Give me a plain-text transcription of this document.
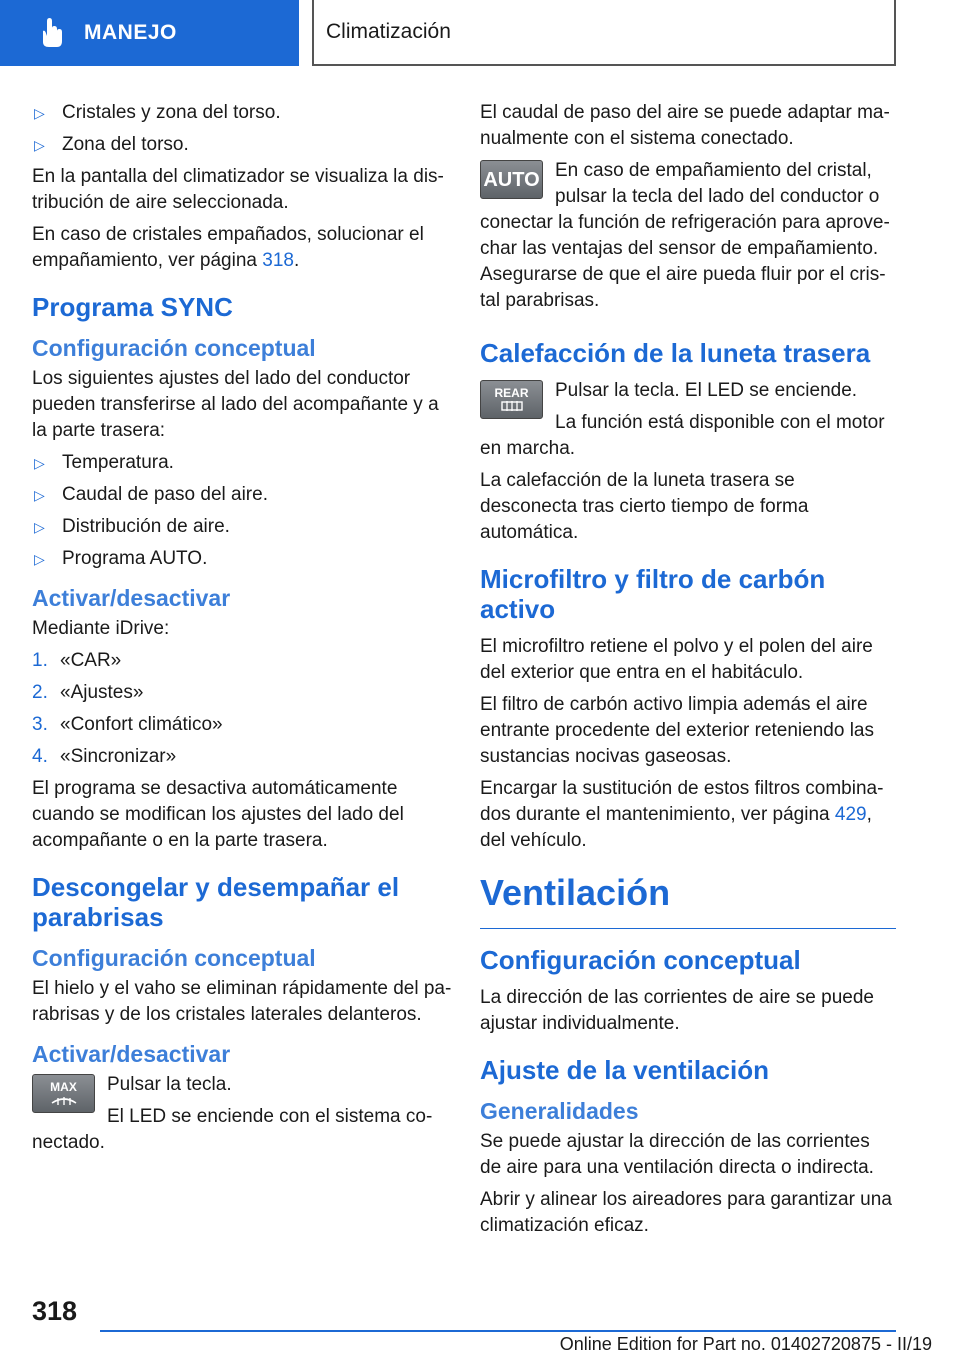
MANEJO	Climatización
▷ Cristales y zona del torso.
▷ Zona del torso.

En la pantalla del climatizador se visualiza la dis-tribución de aire seleccionada.

En caso de cristales empañados, solucionar el empañamiento, ver página 318.

Programa SYNC
Configuración conceptual

Los siguientes ajustes del lado del conductor pueden transferirse al lado del acompañante y a la parte trasera:

▷ Temperatura.
▷ Caudal de paso del aire.
▷ Distribución de aire.
▷ Programa AUTO.
Activar/desactivar

Mediante iDrive:

1. «CAR»
2. «Ajustes»
3. «Confort climático»
4. «Sincronizar»

El programa se desactiva automáticamente cuando se modifican los ajustes del lado del acompañante o en la parte trasera.

Descongelar y desempañar el parabrisas
Configuración conceptual

El hielo y el vaho se eliminan rápidamente del pa-rabrisas y de los cristales laterales delanteros.

Activar/desactivar
MAX	Pulsar la tecla.

El LED se enciende con el sistema co-nectado.

El caudal de paso del aire se puede adaptar ma-nualmente con el sistema conectado.

AUTO En caso de empañamiento del cristal, pulsar la tecla del lado del conductor o conectar la función de refrigeración para aprove-char las ventajas del sensor de empañamiento. Asegurarse de que el aire pueda fluir por el cris-tal parabrisas.

Calefacción de la luneta trasera
REAR	Pulsar la tecla. El LED se enciende.

La función está disponible con el motor en marcha.

La calefacción de la luneta trasera se desconecta tras cierto tiempo de forma automática.

Microfiltro y filtro de carbón activo

El microfiltro retiene el polvo y el polen del aire del exterior que entra en el habitáculo.

El filtro de carbón activo limpia además el aire entrante procedente del exterior reteniendo las sustancias nocivas gaseosas.

Encargar la sustitución de estos filtros combina-dos durante el mantenimiento, ver página 429, del vehículo.

Ventilación
Configuración conceptual

La dirección de las corrientes de aire se puede ajustar individualmente.

Ajuste de la ventilación
Generalidades

Se puede ajustar la dirección de las corrientes de aire para una ventilación directa o indirecta.

Abrir y alinear los aireadores para garantizar una climatización eficaz.

318
Online Edition for Part no. 01402720875 - II/19
